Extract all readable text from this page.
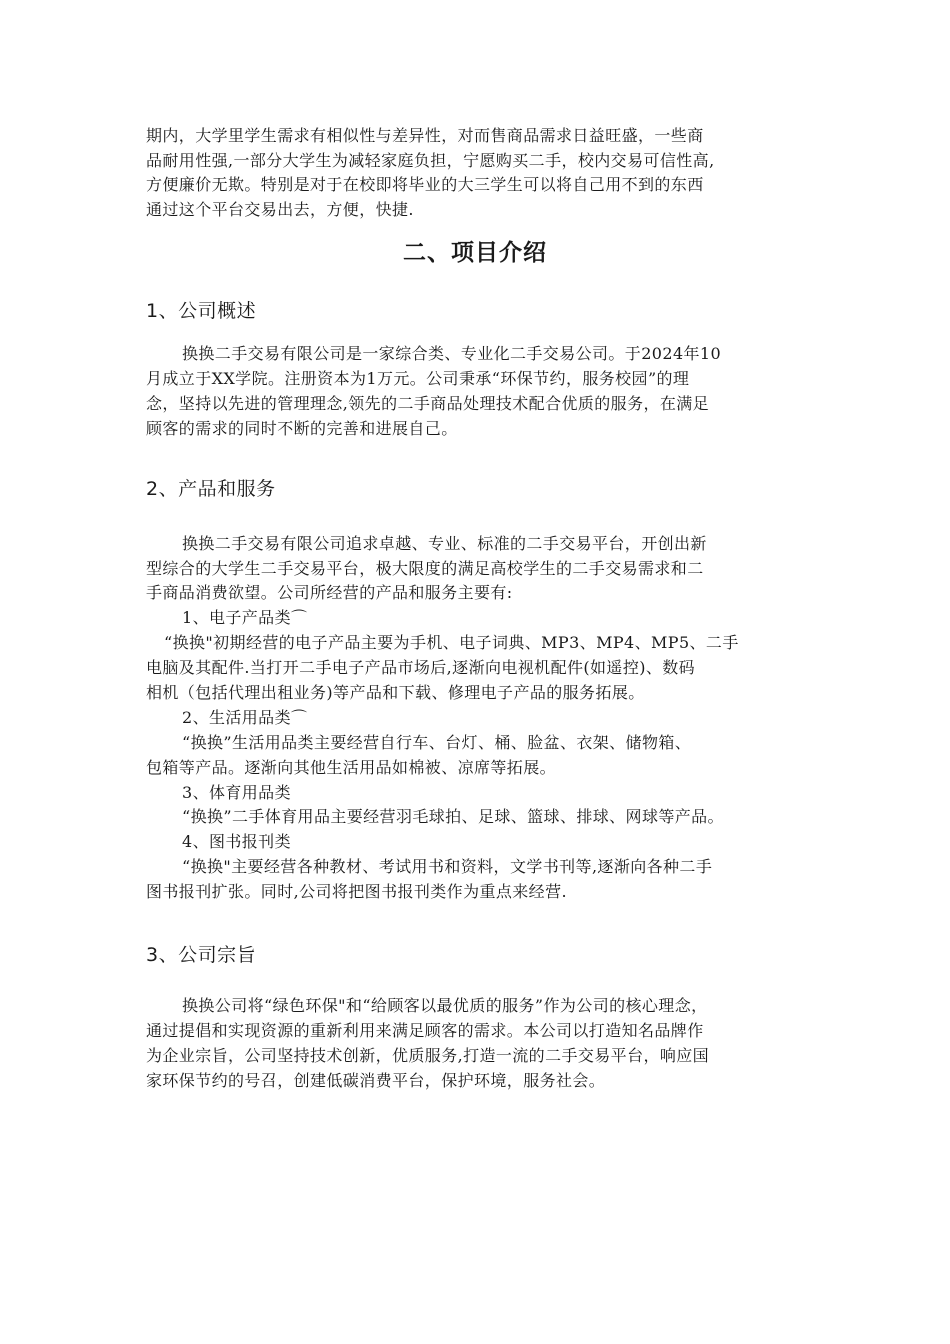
期内，大学里学生需求有相似性与差异性，对而售商品需求日益旺盛，一些商
品耐用性强,一部分大学生为减轻家庭负担，宁愿购买二手，校内交易可信性高,
方便廉价无欺。特别是对于在校即将毕业的大三学生可以将自己用不到的东西
通过这个平台交易出去，方便，快捷.
二、项目介绍
1、公司概述
换换二手交易有限公司是一家综合类、专业化二手交易公司。于2024年10
月成立于XX学院。注册资本为1万元。公司秉承“环保节约，服务校园”的理
念，坚持以先进的管理理念,领先的二手商品处理技术配合优质的服务，在满足
顾客的需求的同时不断的完善和进展自己。
2、产品和服务
换换二手交易有限公司追求卓越、专业、标准的二手交易平台，开创出新
型综合的大学生二手交易平台，极大限度的满足高校学生的二手交易需求和二
手商品消费欲望。公司所经营的产品和服务主要有:
1、电子产品类⌒
“换换"初期经营的电子产品主要为手机、电子词典、MP3、MP4、MP5、二手
电脑及其配件.当打开二手电子产品市场后,逐渐向电视机配件(如遥控)、数码
相机（包括代理出租业务)等产品和下载、修理电子产品的服务拓展。
2、生活用品类⌒
“换换”生活用品类主要经营自行车、台灯、桶、脸盆、衣架、储物箱、
包箱等产品。逐渐向其他生活用品如棉被、凉席等拓展。
3、体育用品类
“换换”二手体育用品主要经营羽毛球拍、足球、篮球、排球、网球等产品。
4、图书报刊类
“换换"主要经营各种教材、考试用书和资料，文学书刊等,逐渐向各种二手
图书报刊扩张。同时,公司将把图书报刊类作为重点来经营.
3、公司宗旨
换换公司将“绿色环保"和“给顾客以最优质的服务”作为公司的核心理念，
通过提倡和实现资源的重新利用来满足顾客的需求。本公司以打造知名品牌作
为企业宗旨，公司坚持技术创新，优质服务,打造一流的二手交易平台，响应国
家环保节约的号召，创建低碳消费平台，保护环境，服务社会。
